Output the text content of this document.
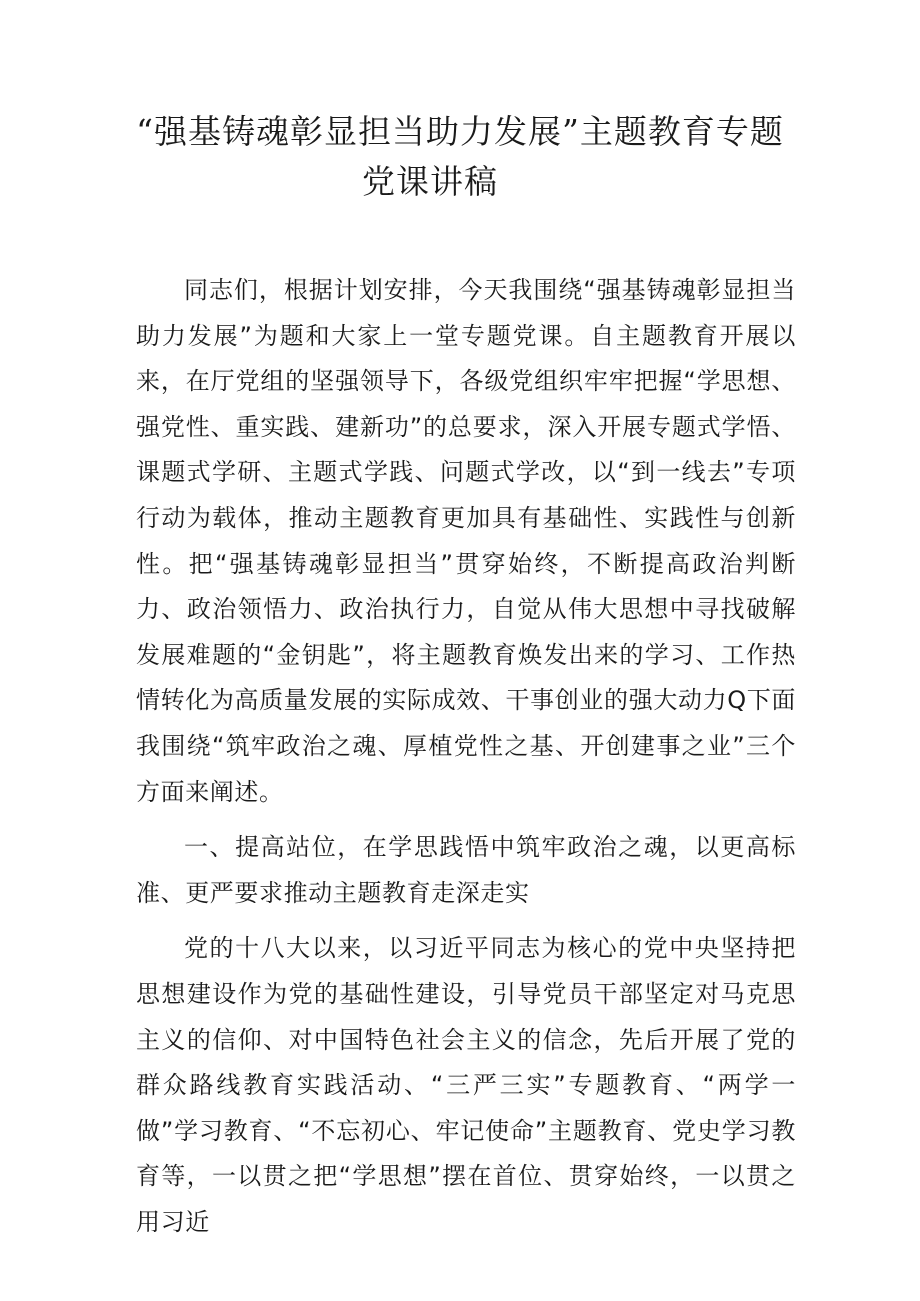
“强基铸魂彰显担当助力发展”主题教育专题
党课讲稿

同志们，根据计划安排，今天我围绕“强基铸魂彰显担当助力发展”为题和大家上一堂专题党课。自主题教育开展以来，在厅党组的坚强领导下，各级党组织牢牢把握“学思想、强党性、重实践、建新功”的总要求，深入开展专题式学悟、课题式学研、主题式学践、问题式学改，以“到一线去”专项行动为载体，推动主题教育更加具有基础性、实践性与创新性。把“强基铸魂彰显担当”贯穿始终，不断提高政治判断力、政治领悟力、政治执行力，自觉从伟大思想中寻找破解发展难题的“金钥匙”，将主题教育焕发出来的学习、工作热情转化为高质量发展的实际成效、干事创业的强大动力Q下面我围绕“筑牢政治之魂、厚植党性之基、开创建事之业”三个方面来阐述。

一、提高站位，在学思践悟中筑牢政治之魂，以更高标准、更严要求推动主题教育走深走实

党的十八大以来，以习近平同志为核心的党中央坚持把思想建设作为党的基础性建设，引导党员干部坚定对马克思主义的信仰、对中国特色社会主义的信念，先后开展了党的群众路线教育实践活动、“三严三实”专题教育、“两学一做”学习教育、“不忘初心、牢记使命”主题教育、党史学习教育等，一以贯之把“学思想”摆在首位、贯穿始终，一以贯之用习近
